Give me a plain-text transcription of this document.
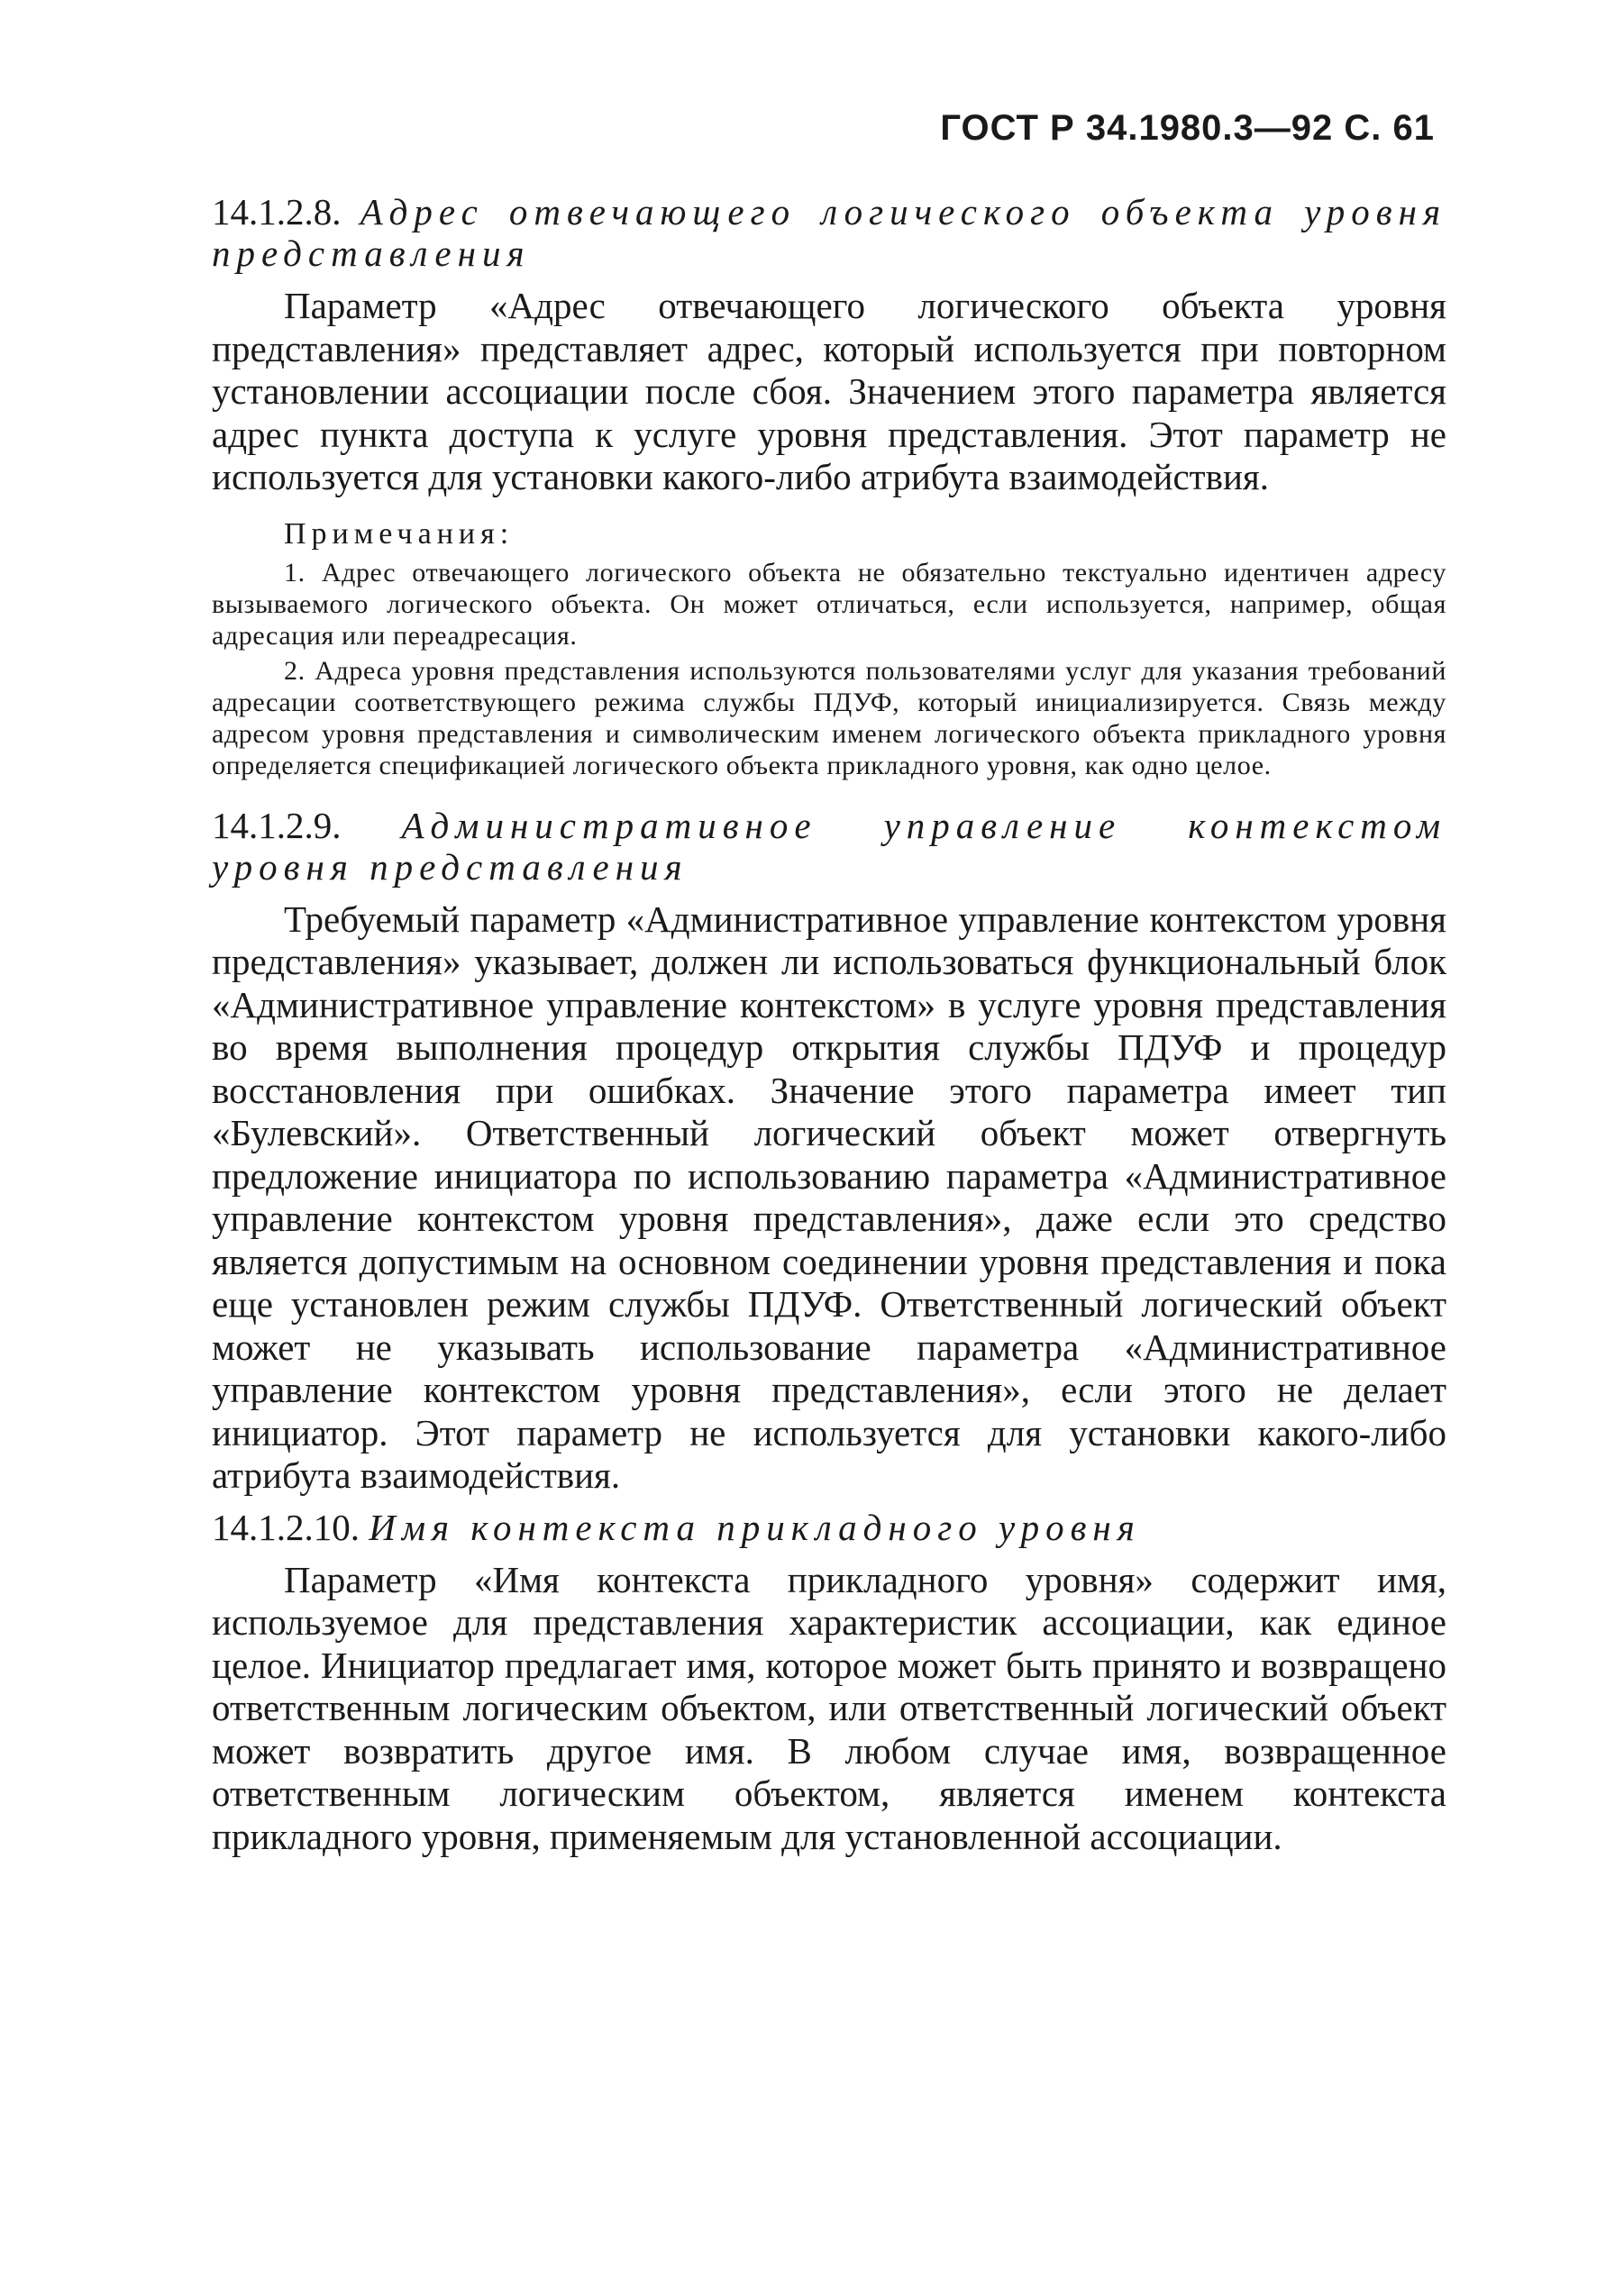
ГОСТ Р 34.1980.3—92 С. 61
14.1.2.8. Адрес отвечающего логического объекта уровня представления

Параметр «Адрес отвечающего логического объекта уровня представления» представляет адрес, который используется при повторном установлении ассоциации после сбоя. Значением этого параметра является адрес пункта доступа к услуге уровня представления. Этот параметр не используется для установки какого-либо атрибута взаимодействия.

Примечания:

1. Адрес отвечающего логического объекта не обязательно текстуально идентичен адресу вызываемого логического объекта. Он может отличаться, если используется, например, общая адресация или переадресация.

2. Адреса уровня представления используются пользователями услуг для указания требований адресации соответствующего режима службы ПДУФ, который инициализируется. Связь между адресом уровня представления и символическим именем логического объекта прикладного уровня определяется спецификацией логического объекта прикладного уровня, как одно целое.

14.1.2.9. Административное управление контекстом уровня представления

Требуемый параметр «Административное управление контекстом уровня представления» указывает, должен ли использоваться функциональный блок «Административное управление контекстом» в услуге уровня представления во время выполнения процедур открытия службы ПДУФ и процедур восстановления при ошибках. Значение этого параметра имеет тип «Булевский». Ответственный логический объект может отвергнуть предложение инициатора по использованию параметра «Административное управление контекстом уровня представления», даже если это средство является допустимым на основном соединении уровня представления и пока еще установлен режим службы ПДУФ. Ответственный логический объект может не указывать использование параметра «Административное управление контекстом уровня представления», если этого не делает инициатор. Этот параметр не используется для установки какого-либо атрибута взаимодействия.

14.1.2.10. Имя контекста прикладного уровня

Параметр «Имя контекста прикладного уровня» содержит имя, используемое для представления характеристик ассоциации, как единое целое. Инициатор предлагает имя, которое может быть принято и возвращено ответственным логическим объектом, или ответственный логический объект может возвратить другое имя. В любом случае имя, возвращенное ответственным логическим объектом, является именем контекста прикладного уровня, применяемым для установленной ассоциации.
